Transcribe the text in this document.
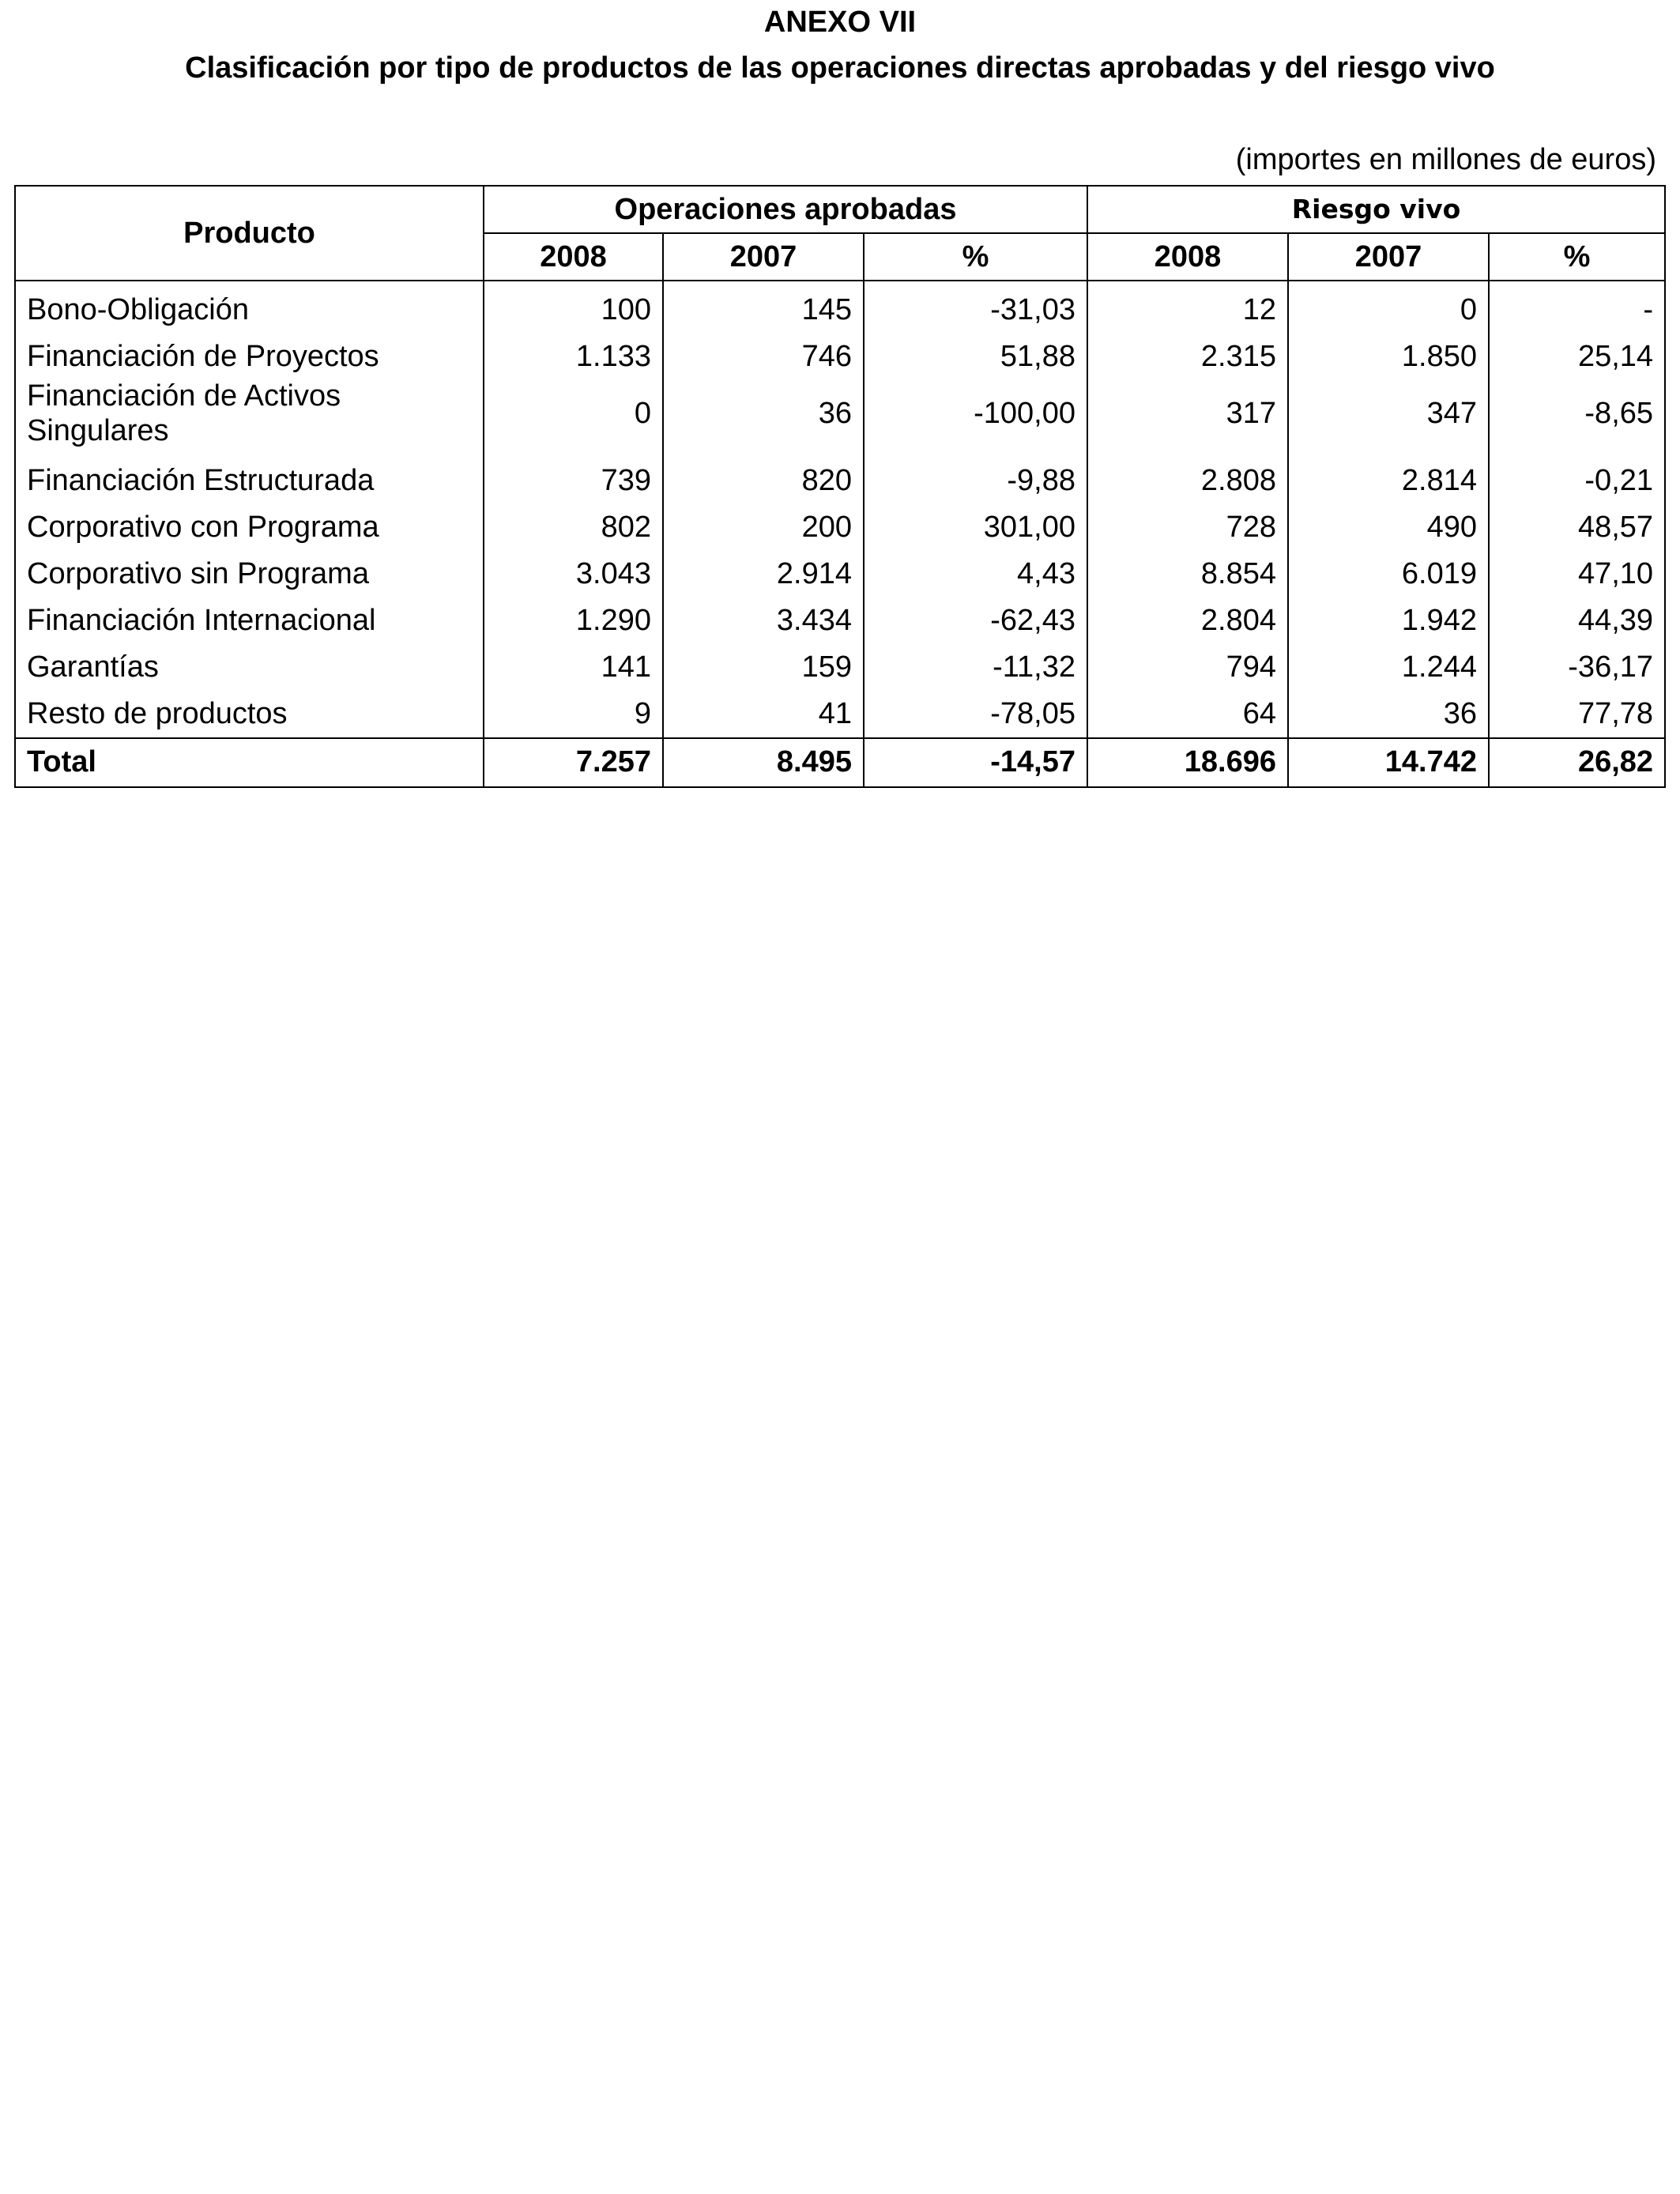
ANEXO VII
Clasificación por tipo de productos de las operaciones directas aprobadas y del riesgo vivo
(importes en millones de euros)
Producto	Operaciones aprobadas			Riesgo vivo		
	2008	2007	%	2008	2007	%
Bono-Obligación	100	145	-31,03	12	0	-
Financiación de Proyectos	1.133	746	51,88	2.315	1.850	25,14
Financiación de Activos Singulares	0	36	-100,00	317	347	-8,65
Financiación Estructurada	739	820	-9,88	2.808	2.814	-0,21
Corporativo con Programa	802	200	301,00	728	490	48,57
Corporativo sin Programa	3.043	2.914	4,43	8.854	6.019	47,10
Financiación Internacional	1.290	3.434	-62,43	2.804	1.942	44,39
Garantías	141	159	-11,32	794	1.244	-36,17
Resto de productos	9	41	-78,05	64	36	77,78
Total	7.257	8.495	-14,57	18.696	14.742	26,82
